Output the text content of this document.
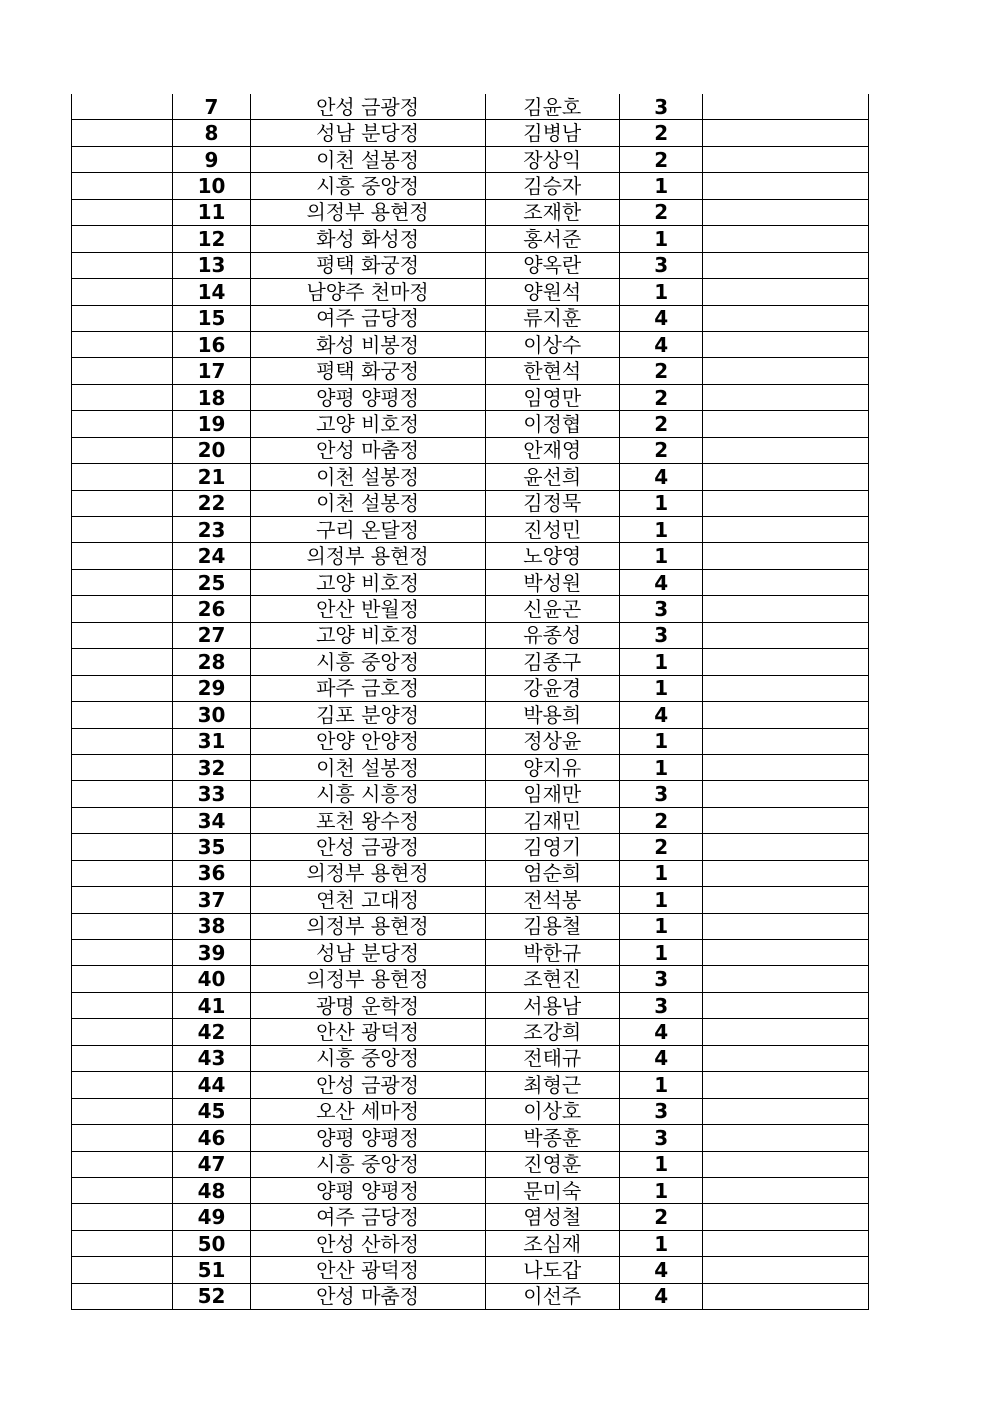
	7	안성 금광정	김윤호	3	
	8	성남 분당정	김병남	2	
	9	이천 설봉정	장상익	2	
	10	시흥 중앙정	김승자	1	
	11	의정부 용현정	조재한	2	
	12	화성 화성정	홍서준	1	
	13	평택 화궁정	양옥란	3	
	14	남양주 천마정	양원석	1	
	15	여주 금당정	류지훈	4	
	16	화성 비봉정	이상수	4	
	17	평택 화궁정	한현석	2	
	18	양평 양평정	임영만	2	
	19	고양 비호정	이정협	2	
	20	안성 마춤정	안재영	2	
	21	이천 설봉정	윤선희	4	
	22	이천 설봉정	김정묵	1	
	23	구리 온달정	진성민	1	
	24	의정부 용현정	노양영	1	
	25	고양 비호정	박성원	4	
	26	안산 반월정	신윤곤	3	
	27	고양 비호정	유종성	3	
	28	시흥 중앙정	김종구	1	
	29	파주 금호정	강윤경	1	
	30	김포 분양정	박용희	4	
	31	안양 안양정	정상윤	1	
	32	이천 설봉정	양지유	1	
	33	시흥 시흥정	임재만	3	
	34	포천 왕수정	김재민	2	
	35	안성 금광정	김영기	2	
	36	의정부 용현정	엄순희	1	
	37	연천 고대정	전석봉	1	
	38	의정부 용현정	김용철	1	
	39	성남 분당정	박한규	1	
	40	의정부 용현정	조현진	3	
	41	광명 운학정	서용남	3	
	42	안산 광덕정	조강희	4	
	43	시흥 중앙정	전태규	4	
	44	안성 금광정	최형근	1	
	45	오산 세마정	이상호	3	
	46	양평 양평정	박종훈	3	
	47	시흥 중앙정	진영훈	1	
	48	양평 양평정	문미숙	1	
	49	여주 금당정	염성철	2	
	50	안성 산하정	조심재	1	
	51	안산 광덕정	나도갑	4	
	52	안성 마춤정	이선주	4	
